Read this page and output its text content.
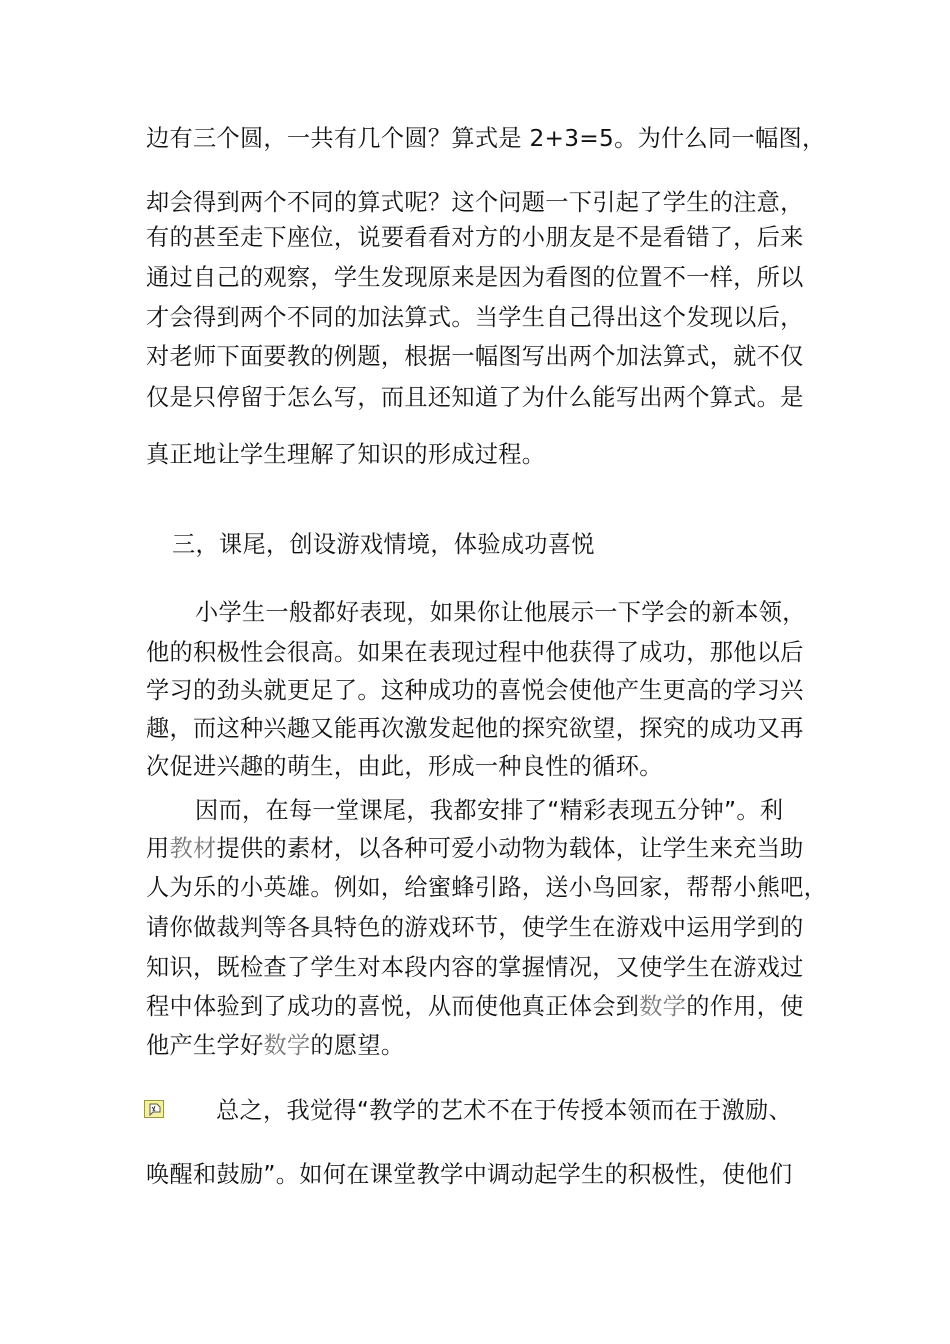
边有三个圆，一共有几个圆？算式是 2+3=5。为什么同一幅图，
却会得到两个不同的算式呢？这个问题一下引起了学生的注意，
有的甚至走下座位，说要看看对方的小朋友是不是看错了，后来
通过自己的观察，学生发现原来是因为看图的位置不一样，所以
才会得到两个不同的加法算式。当学生自己得出这个发现以后，
对老师下面要教的例题，根据一幅图写出两个加法算式，就不仅
仅是只停留于怎么写，而且还知道了为什么能写出两个算式。是
真正地让学生理解了知识的形成过程。
三，课尾，创设游戏情境，体验成功喜悦
小学生一般都好表现，如果你让他展示一下学会的新本领，
他的积极性会很高。如果在表现过程中他获得了成功，那他以后
学习的劲头就更足了。这种成功的喜悦会使他产生更高的学习兴
趣，而这种兴趣又能再次激发起他的探究欲望，探究的成功又再
次促进兴趣的萌生，由此，形成一种良性的循环。
因而，在每一堂课尾，我都安排了“精彩表现五分钟”。利
用教材提供的素材，以各种可爱小动物为载体，让学生来充当助
人为乐的小英雄。例如，给蜜蜂引路，送小鸟回家，帮帮小熊吧，
请你做裁判等各具特色的游戏环节，使学生在游戏中运用学到的
知识，既检查了学生对本段内容的掌握情况，又使学生在游戏过
程中体验到了成功的喜悦，从而使他真正体会到数学的作用，使
他产生学好数学的愿望。
总之，我觉得“教学的艺术不在于传授本领而在于激励、
唤醒和鼓励”。如何在课堂教学中调动起学生的积极性，使他们
